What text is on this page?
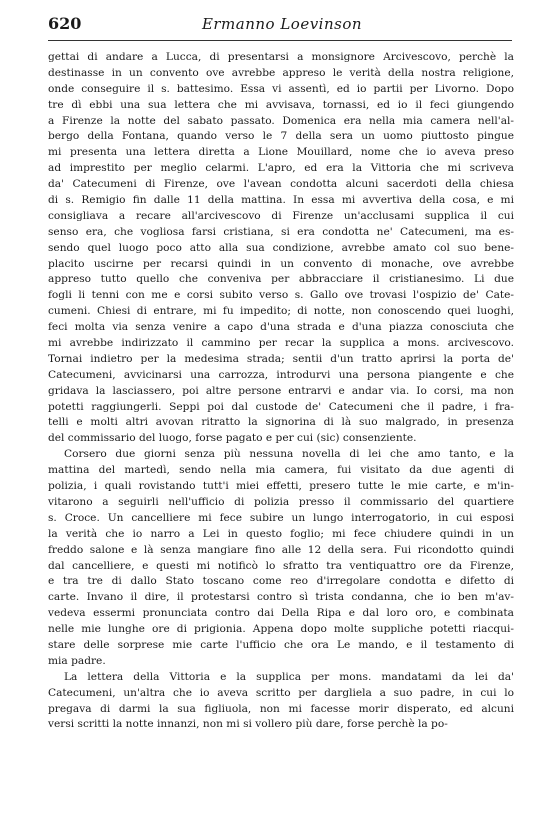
620	Ermanno Loevinson
gettai di andare a Lucca, di presentarsi a monsignore Arcivescovo, perchè la
destinasse in un convento ove avrebbe appreso le verità della nostra religione,
onde conseguire il s. battesimo. Essa vi assentì, ed io partii per Livorno. Dopo
tre dì ebbi una sua lettera che mi avvisava, tornassi, ed io il feci giungendo
a Firenze la notte del sabato passato. Domenica era nella mia camera nell'al-
bergo della Fontana, quando verso le 7 della sera un uomo piuttosto pingue
mi presenta una lettera diretta a Lione Mouillard, nome che io aveva preso
ad imprestito per meglio celarmi. L'apro, ed era la Vittoria che mi scriveva
da' Catecumeni di Firenze, ove l'avean condotta alcuni sacerdoti della chiesa
di s. Remigio fin dalle 11 della mattina. In essa mi avvertiva della cosa, e mi
consigliava a recare all'arcivescovo di Firenze un'acclusami supplica il cui
senso era, che vogliosa farsi cristiana, si era condotta ne' Catecumeni, ma es-
sendo quel luogo poco atto alla sua condizione, avrebbe amato col suo bene-
placito uscirne per recarsi quindi in un convento di monache, ove avrebbe
appreso tutto quello che conveniva per abbracciare il cristianesimo. Li due
fogli li tenni con me e corsi subito verso s. Gallo ove trovasi l'ospizio de' Cate-
cumeni. Chiesi di entrare, mi fu impedito; di notte, non conoscendo quei luoghi,
feci molta via senza venire a capo d'una strada e d'una piazza conosciuta che
mi avrebbe indirizzato il cammino per recar la supplica a mons. arcivescovo.
Tornai indietro per la medesima strada; sentii d'un tratto aprirsi la porta de'
Catecumeni, avvicinarsi una carrozza, introdurvi una persona piangente e che
gridava la lasciassero, poi altre persone entrarvi e andar via. Io corsi, ma non
potetti raggiungerli. Seppi poi dal custode de' Catecumeni che il padre, i fra-
telli e molti altri avovan ritratto la signorina di là suo malgrado, in presenza
del commissario del luogo, forse pagato e per cui (sic) consenziente.
Corsero due giorni senza più nessuna novella di lei che amo tanto, e la
mattina del martedì, sendo nella mia camera, fui visitato da due agenti di
polizia, i quali rovistando tutt'i miei effetti, presero tutte le mie carte, e m'in-
vitarono a seguirli nell'ufficio di polizia presso il commissario del quartiere
s. Croce. Un cancelliere mi fece subire un lungo interrogatorio, in cui esposi
la verità che io narro a Lei in questo foglio; mi fece chiudere quindi in un
freddo salone e là senza mangiare fino alle 12 della sera. Fui ricondotto quindi
dal cancelliere, e questi mi notificò lo sfratto tra ventiquattro ore da Firenze,
e tra tre di dallo Stato toscano come reo d'irregolare condotta e difetto di
carte. Invano il dire, il protestarsi contro sì trista condanna, che io ben m'av-
vedeva essermi pronunciata contro dai Della Ripa e dal loro oro, e combinata
nelle mie lunghe ore di prigionia. Appena dopo molte suppliche potetti riacqui-
stare delle sorprese mie carte l'ufficio che ora Le mando, e il testamento di
mia padre.
La lettera della Vittoria e la supplica per mons. mandatami da lei da'
Catecumeni, un'altra che io aveva scritto per dargliela a suo padre, in cui lo
pregava di darmi la sua figliuola, non mi facesse morir disperato, ed alcuni
versi scritti la notte innanzi, non mi si vollero più dare, forse perchè la po-
